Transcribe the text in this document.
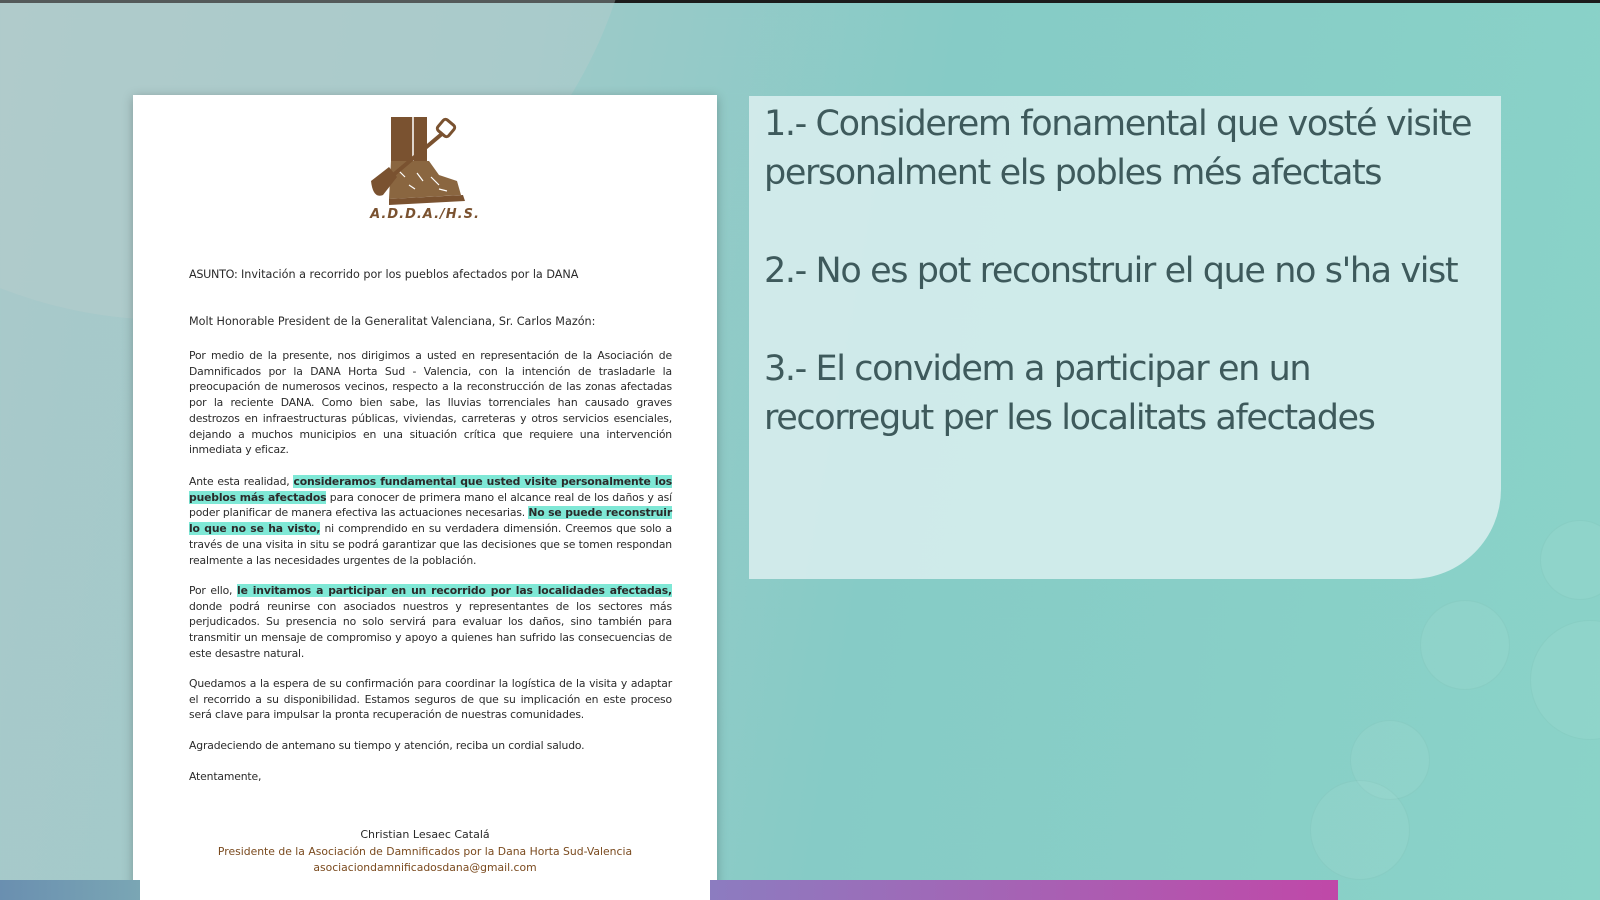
A.D.D.A./H.S.
ASUNTO: Invitación a recorrido por los pueblos afectados por la DANA
Molt Honorable President de la Generalitat Valenciana, Sr. Carlos Mazón:

Por medio de la presente, nos dirigimos a usted en representación de la Asociación de Damnificados por la DANA Horta Sud - Valencia, con la intención de trasladarle la preocupación de numerosos vecinos, respecto a la reconstrucción de las zonas afectadas por la reciente DANA. Como bien sabe, las lluvias torrenciales han causado graves destrozos en infraestructuras públicas, viviendas, carreteras y otros servicios esenciales, dejando a muchos municipios en una situación crítica que requiere una intervención inmediata y eficaz.

Ante esta realidad, consideramos fundamental que usted visite personalmente los pueblos más afectados para conocer de primera mano el alcance real de los daños y así poder planificar de manera efectiva las actuaciones necesarias. No se puede reconstruir lo que no se ha visto, ni comprendido en su verdadera dimensión. Creemos que solo a través de una visita in situ se podrá garantizar que las decisiones que se tomen respondan realmente a las necesidades urgentes de la población.

Por ello, le invitamos a participar en un recorrido por las localidades afectadas, donde podrá reunirse con asociados nuestros y representantes de los sectores más perjudicados. Su presencia no solo servirá para evaluar los daños, sino también para transmitir un mensaje de compromiso y apoyo a quienes han sufrido las consecuencias de este desastre natural.

Quedamos a la espera de su confirmación para coordinar la logística de la visita y adaptar el recorrido a su disponibilidad. Estamos seguros de que su implicación en este proceso será clave para impulsar la pronta recuperación de nuestras comunidades.

Agradeciendo de antemano su tiempo y atención, reciba un cordial saludo.

Atentamente,

Christian Lesaec Catalá
Presidente de la Asociación de Damnificados por la Dana Horta Sud-Valencia
asociaciondamnificadosdana@gmail.com
1.- Considerem fonamental que vosté visite personalment els pobles més afectats
2.- No es pot reconstruir el que no s'ha vist
3.- El convidem a participar en un recorregut per les localitats afectades
